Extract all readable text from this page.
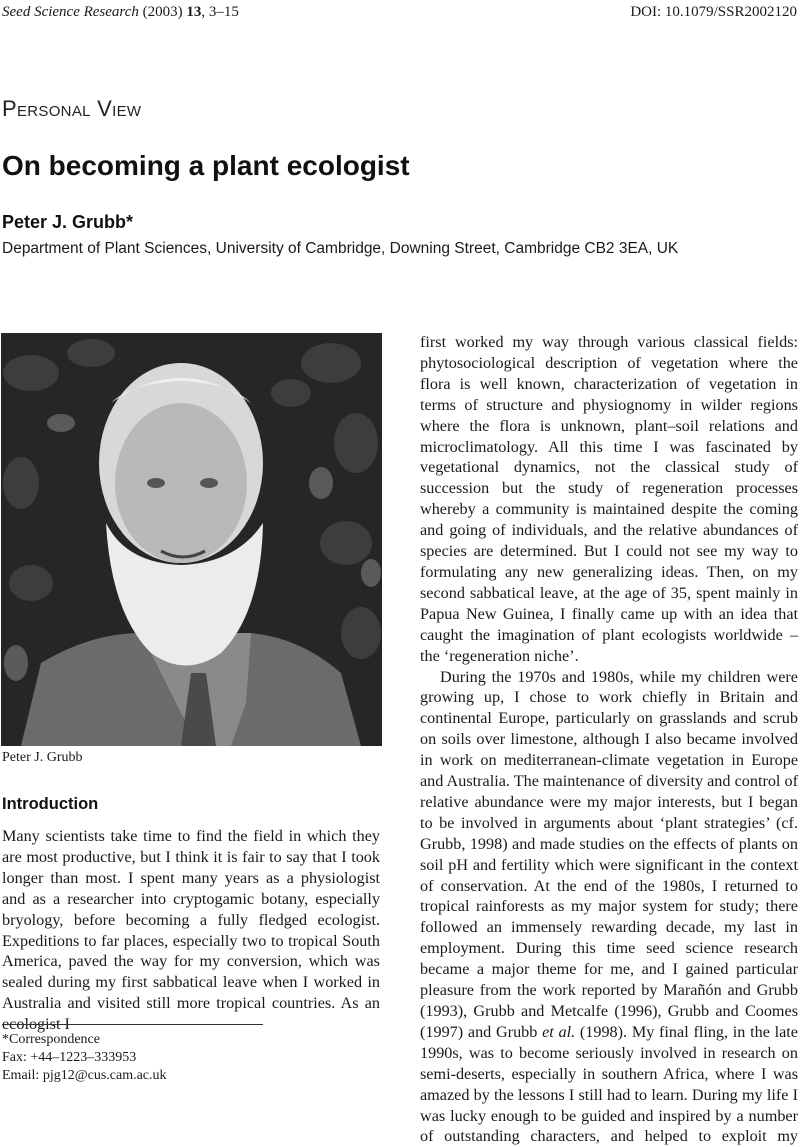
Seed Science Research (2003) 13, 3–15	DOI: 10.1079/SSR2002120
Personal View
On becoming a plant ecologist
Peter J. Grubb*
Department of Plant Sciences, University of Cambridge, Downing Street, Cambridge CB2 3EA, UK
Peter J. Grubb
Introduction

Many scientists take time to find the field in which they are most productive, but I think it is fair to say that I took longer than most. I spent many years as a physiologist and as a researcher into cryptogamic botany, especially bryology, before becoming a fully fledged ecologist. Expeditions to far places, especially two to tropical South America, paved the way for my conversion, which was sealed during my first sabbatical leave when I worked in Australia and visited still more tropical countries. As an ecologist I

first worked my way through various classical fields: phytosociological description of vegetation where the flora is well known, characterization of vegetation in terms of structure and physiognomy in wilder regions where the flora is unknown, plant–soil relations and microclimatology. All this time I was fascinated by vegetational dynamics, not the classical study of succession but the study of regeneration processes whereby a community is maintained despite the coming and going of individuals, and the relative abundances of species are determined. But I could not see my way to formulating any new generalizing ideas. Then, on my second sabbatical leave, at the age of 35, spent mainly in Papua New Guinea, I finally came up with an idea that caught the imagination of plant ecologists worldwide – the ‘regeneration niche’.

During the 1970s and 1980s, while my children were growing up, I chose to work chiefly in Britain and continental Europe, particularly on grasslands and scrub on soils over limestone, although I also became involved in work on mediterranean-climate vegetation in Europe and Australia. The maintenance of diversity and control of relative abundance were my major interests, but I began to be involved in arguments about ‘plant strategies’ (cf. Grubb, 1998) and made studies on the effects of plants on soil pH and fertility which were significant in the context of conservation. At the end of the 1980s, I returned to tropical rainforests as my major system for study; there followed an immensely rewarding decade, my last in employment. During this time seed science research became a major theme for me, and I gained particular pleasure from the work reported by Marañón and Grubb (1993), Grubb and Metcalfe (1996), Grubb and Coomes (1997) and Grubb et al. (1998). My final fling, in the late 1990s, was to become seriously involved in research on semi-deserts, especially in southern Africa, where I was amazed by the lessons I still had to learn. During my life I was lucky enough to be guided and inspired by a number of outstanding characters, and helped to exploit my

*Correspondence
Fax: +44–1223–333953
Email: pjg12@cus.cam.ac.uk
